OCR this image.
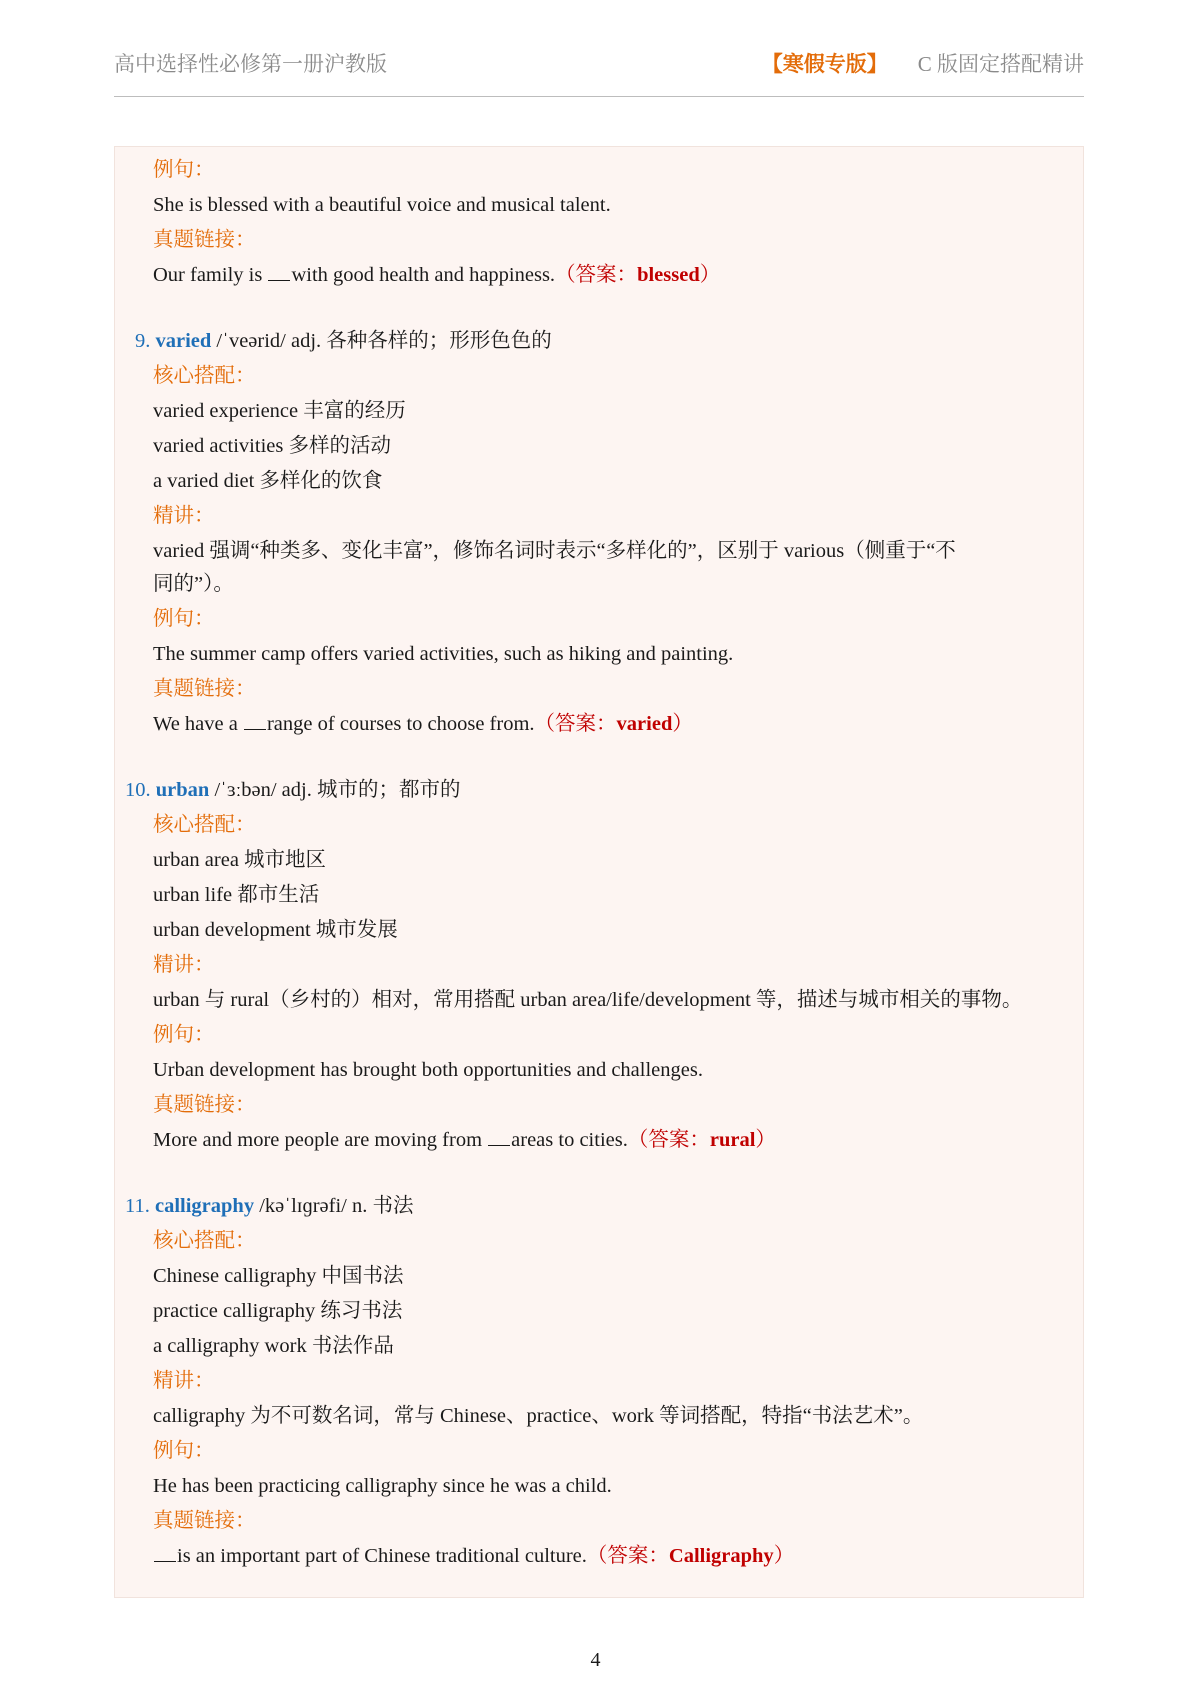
高中选择性必修第一册沪教版	【寒假专版】 C 版固定搭配精讲
例句：
She is blessed with a beautiful voice and musical talent.
真题链接：
Our family is with good health and happiness.（答案：blessed）
9. varied /ˈveərid/ adj. 各种各样的；形形色色的
核心搭配：
varied experience 丰富的经历
varied activities 多样的活动
a varied diet 多样化的饮食
精讲：
varied 强调“种类多、变化丰富”，修饰名词时表示“多样化的”，区别于 various（侧重于“不
同的”）。
例句：
The summer camp offers varied activities, such as hiking and painting.
真题链接：
We have a range of courses to choose from.（答案：varied）
10. urban /ˈɜːbən/ adj. 城市的；都市的
核心搭配：
urban area 城市地区
urban life 都市生活
urban development 城市发展
精讲：
urban 与 rural（乡村的）相对，常用搭配 urban area/life/development 等，描述与城市相关的事物。
例句：
Urban development has brought both opportunities and challenges.
真题链接：
More and more people are moving from areas to cities.（答案：rural）
11. calligraphy /kəˈlɪɡrəfi/ n. 书法
核心搭配：
Chinese calligraphy 中国书法
practice calligraphy 练习书法
a calligraphy work 书法作品
精讲：
calligraphy 为不可数名词，常与 Chinese、practice、work 等词搭配，特指“书法艺术”。
例句：
He has been practicing calligraphy since he was a child.
真题链接：
is an important part of Chinese traditional culture.（答案：Calligraphy）
4
